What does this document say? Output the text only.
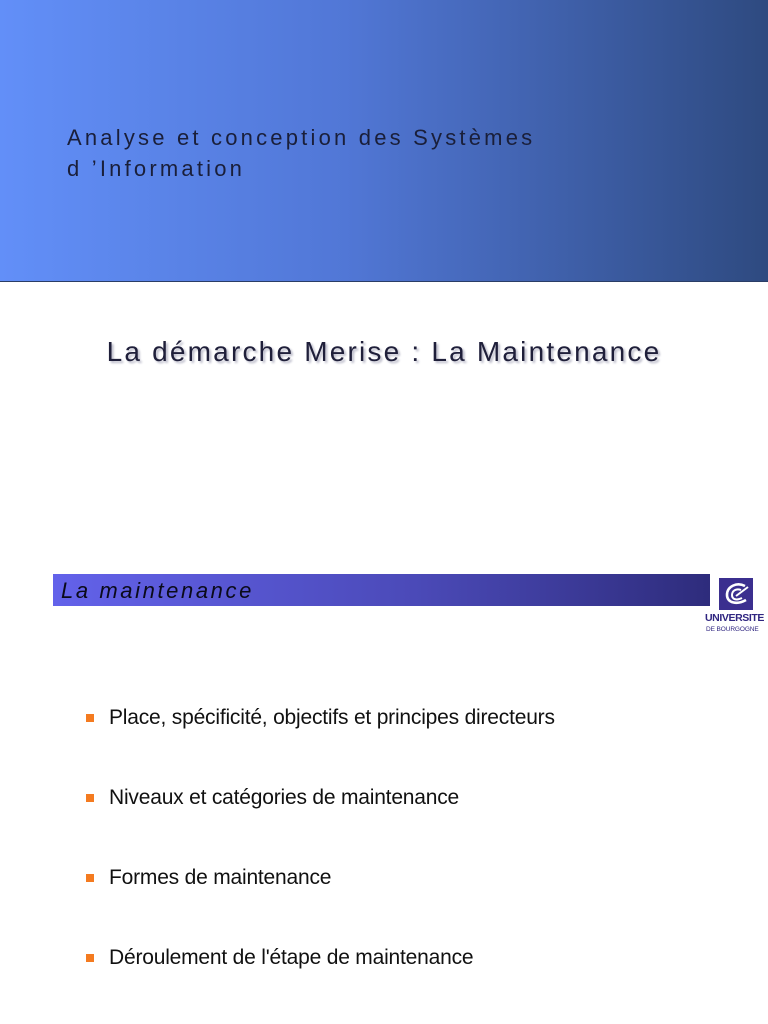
Analyse et conception des Systèmes
d ’Information
La démarche Merise : La Maintenance
La maintenance
UNIVERSITE
DE BOURGOGNE
Place, spécificité, objectifs et principes directeurs
Niveaux et catégories de maintenance
Formes de maintenance
Déroulement de l'étape de maintenance
